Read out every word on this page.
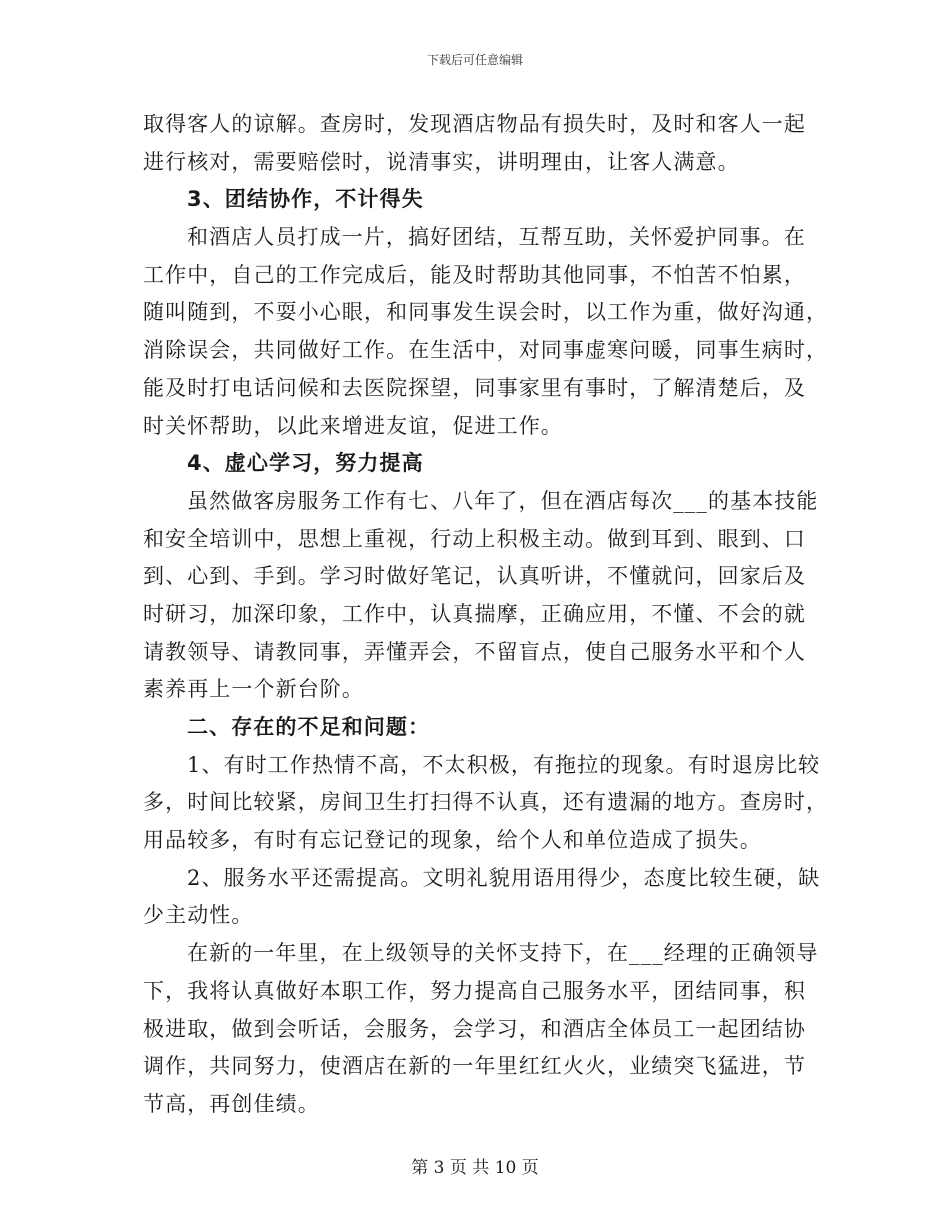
下载后可任意编辑
取得客人的谅解。查房时，发现酒店物品有损失时，及时和客人一起
进行核对，需要赔偿时，说清事实，讲明理由，让客人满意。
3、团结协作，不计得失
和酒店人员打成一片，搞好团结，互帮互助，关怀爱护同事。在
工作中，自己的工作完成后，能及时帮助其他同事，不怕苦不怕累，
随叫随到，不耍小心眼，和同事发生误会时，以工作为重，做好沟通，
消除误会，共同做好工作。在生活中，对同事虚寒问暖，同事生病时，
能及时打电话问候和去医院探望，同事家里有事时，了解清楚后，及
时关怀帮助，以此来增进友谊，促进工作。
4、虚心学习，努力提高
虽然做客房服务工作有七、八年了，但在酒店每次___的基本技能
和安全培训中，思想上重视，行动上积极主动。做到耳到、眼到、口
到、心到、手到。学习时做好笔记，认真听讲，不懂就问，回家后及
时研习，加深印象，工作中，认真揣摩，正确应用，不懂、不会的就
请教领导、请教同事，弄懂弄会，不留盲点，使自己服务水平和个人
素养再上一个新台阶。
二、存在的不足和问题：
1、有时工作热情不高，不太积极，有拖拉的现象。有时退房比较
多，时间比较紧，房间卫生打扫得不认真，还有遗漏的地方。查房时，
用品较多，有时有忘记登记的现象，给个人和单位造成了损失。
2、服务水平还需提高。文明礼貌用语用得少，态度比较生硬，缺
少主动性。
在新的一年里，在上级领导的关怀支持下，在___经理的正确领导
下，我将认真做好本职工作，努力提高自己服务水平，团结同事，积
极进取，做到会听话，会服务，会学习，和酒店全体员工一起团结协
调作，共同努力，使酒店在新的一年里红红火火，业绩突飞猛进，节
节高，再创佳绩。
第 3 页 共 10 页
